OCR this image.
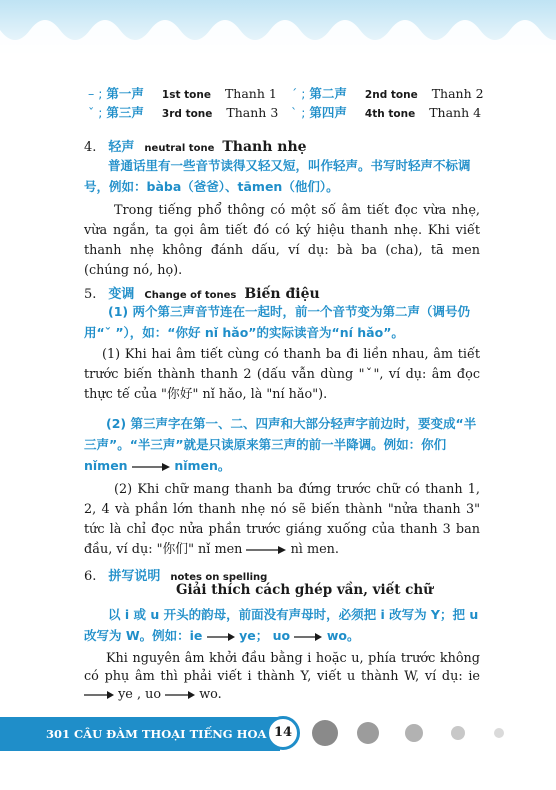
– ; 第一声 1st tone Thanh 1 ˊ ; 第二声 2nd tone Thanh 2
ˇ ; 第三声 3rd tone Thanh 3 ˋ ; 第四声 4th tone Thanh 4
4. 轻声 neutral tone Thanh nhẹ
普通话里有一些音节读得又轻又短，叫作轻声。书写时轻声不标调号，例如：bàba（爸爸）、tāmen（他们）。
Trong tiếng phổ thông có một số âm tiết đọc vừa nhẹ, vừa ngắn, ta gọi âm tiết đó có ký hiệu thanh nhẹ. Khi viết thanh nhẹ không đánh dấu, ví dụ: bà ba (cha), tā men (chúng nó, họ).
5. 变调 Change of tones Biến điệu
(1) 两个第三声音节连在一起时，前一个音节变为第二声（调号仍用“ˇ ”），如：“你好 nǐ hǎo”的实际读音为“ní hǎo”。
(1) Khi hai âm tiết cùng có thanh ba đi liền nhau, âm tiết trước biến thành thanh 2 (dấu vẫn dùng "ˇ", ví dụ: âm đọc thực tế của "你好" nǐ hǎo, là "ní hǎo").
(2) 第三声字在第一、二、四声和大部分轻声字前边时，要变成“半三声”。“半三声”就是只读原来第三声的前一半降调。例如：你们 nǐmen	nǐmen。
(2) Khi chữ mang thanh ba đứng trước chữ có thanh 1, 2, 4 và phần lớn thanh nhẹ nó sẽ biến thành "nửa thanh 3" tức là chỉ đọc nửa phần trước giáng xuống của thanh 3 ban đầu, ví dụ: "你们" nǐ men	nì men.
6. 拼写说明 notes on spelling
Giải thích cách ghép vần, viết chữ
以 i 或 u 开头的韵母，前面没有声母时，必须把 i 改写为 Y；把 u 改写为 W。例如：ie	ye； uo	wo。
Khi nguyên âm khởi đầu bằng i hoặc u, phía trước không có phụ âm thì phải viết i thành Y, viết u thành W, ví dụ: ie  ye , uo	wo.
301 CÂU ĐÀM THOẠI TIẾNG HOA 14
